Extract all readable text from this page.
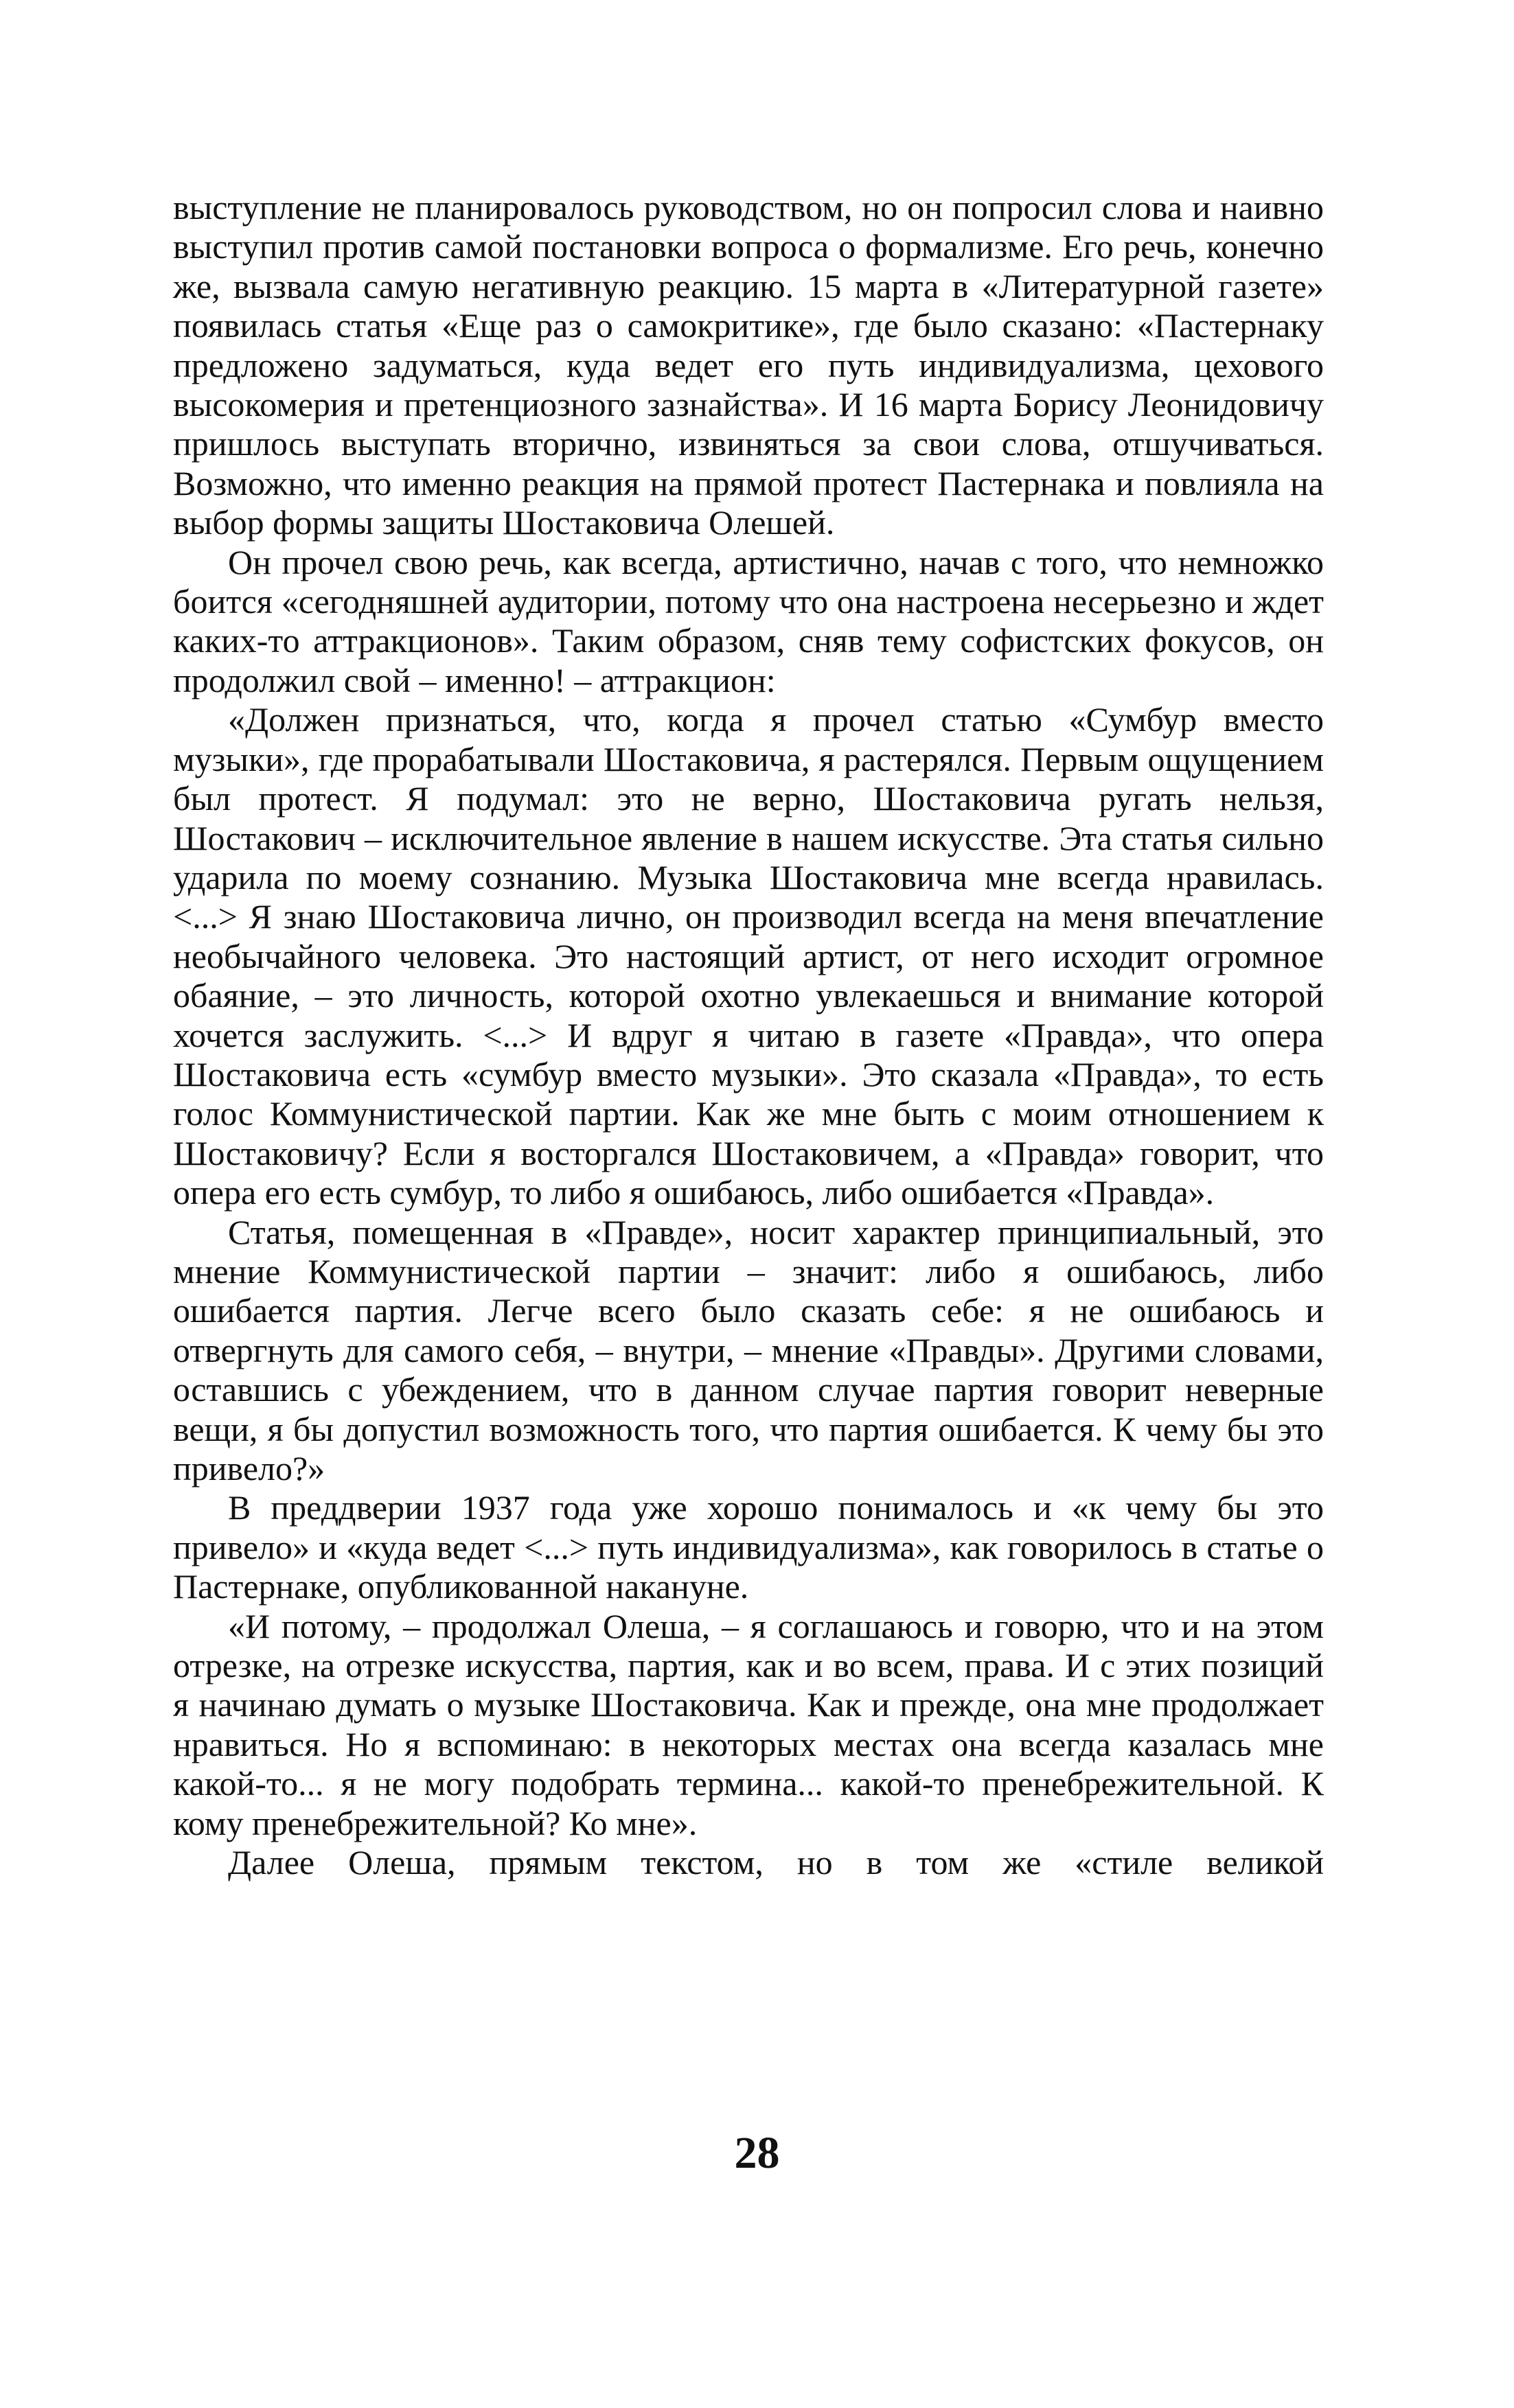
выступление не планировалось руководством, но он попросил слова и наивно выступил против самой постановки вопроса о формализме. Его речь, конечно же, вызвала самую негативную реакцию. 15 марта в «Литературной газете» появилась статья «Еще раз о самокритике», где было сказано: «Пастернаку предложено задуматься, куда ведет его путь индивидуализма, цехового высокомерия и претенциозного зазнайства». И 16 марта Борису Леонидовичу пришлось выступать вторично, извиняться за свои слова, отшучиваться. Возможно, что именно реакция на прямой протест Пастернака и повлияла на выбор формы защиты Шостаковича Олешей.

Он прочел свою речь, как всегда, артистично, начав с того, что немножко боится «сегодняшней аудитории, потому что она настроена несерьезно и ждет каких-то аттракционов». Таким образом, сняв тему софистских фокусов, он продолжил свой – именно! – аттракцион:

«Должен признаться, что, когда я прочел статью «Сумбур вместо музыки», где прорабатывали Шостаковича, я растерялся. Первым ощущением был протест. Я подумал: это не верно, Шостаковича ругать нельзя, Шостакович – исключительное явление в нашем искусстве. Эта статья сильно ударила по моему сознанию. Музыка Шостаковича мне всегда нравилась. <...> Я знаю Шостаковича лично, он производил всегда на меня впечатление необычайного человека. Это настоящий артист, от него исходит огромное обаяние, – это личность, которой охотно увлекаешься и внимание которой хочется заслужить. <...> И вдруг я читаю в газете «Правда», что опера Шостаковича есть «сумбур вместо музыки». Это сказала «Правда», то есть голос Коммунистической партии. Как же мне быть с моим отношением к Шостаковичу? Если я восторгался Шостаковичем, а «Правда» говорит, что опера его есть сумбур, то либо я ошибаюсь, либо ошибается «Правда».

Статья, помещенная в «Правде», носит характер принципиальный, это мнение Коммунистической партии – значит: либо я ошибаюсь, либо ошибается партия. Легче всего было сказать себе: я не ошибаюсь и отвергнуть для самого себя, – внутри, – мнение «Правды». Другими словами, оставшись с убеждением, что в данном случае партия говорит неверные вещи, я бы допустил возможность того, что партия ошибается. К чему бы это привело?»

В преддверии 1937 года уже хорошо понималось и «к чему бы это привело» и «куда ведет <...> путь индивидуализма», как говорилось в статье о Пастернаке, опубликованной накануне.

«И потому, – продолжал Олеша, – я соглашаюсь и говорю, что и на этом отрезке, на отрезке искусства, партия, как и во всем, права. И с этих позиций я начинаю думать о музыке Шостаковича. Как и прежде, она мне продолжает нравиться. Но я вспоминаю: в некоторых местах она всегда казалась мне какой-то... я не могу подобрать термина... какой-то пренебрежительной. К кому пренебрежительной? Ко мне».

Далее Олеша, прямым текстом, но в том же «стиле великой

28
